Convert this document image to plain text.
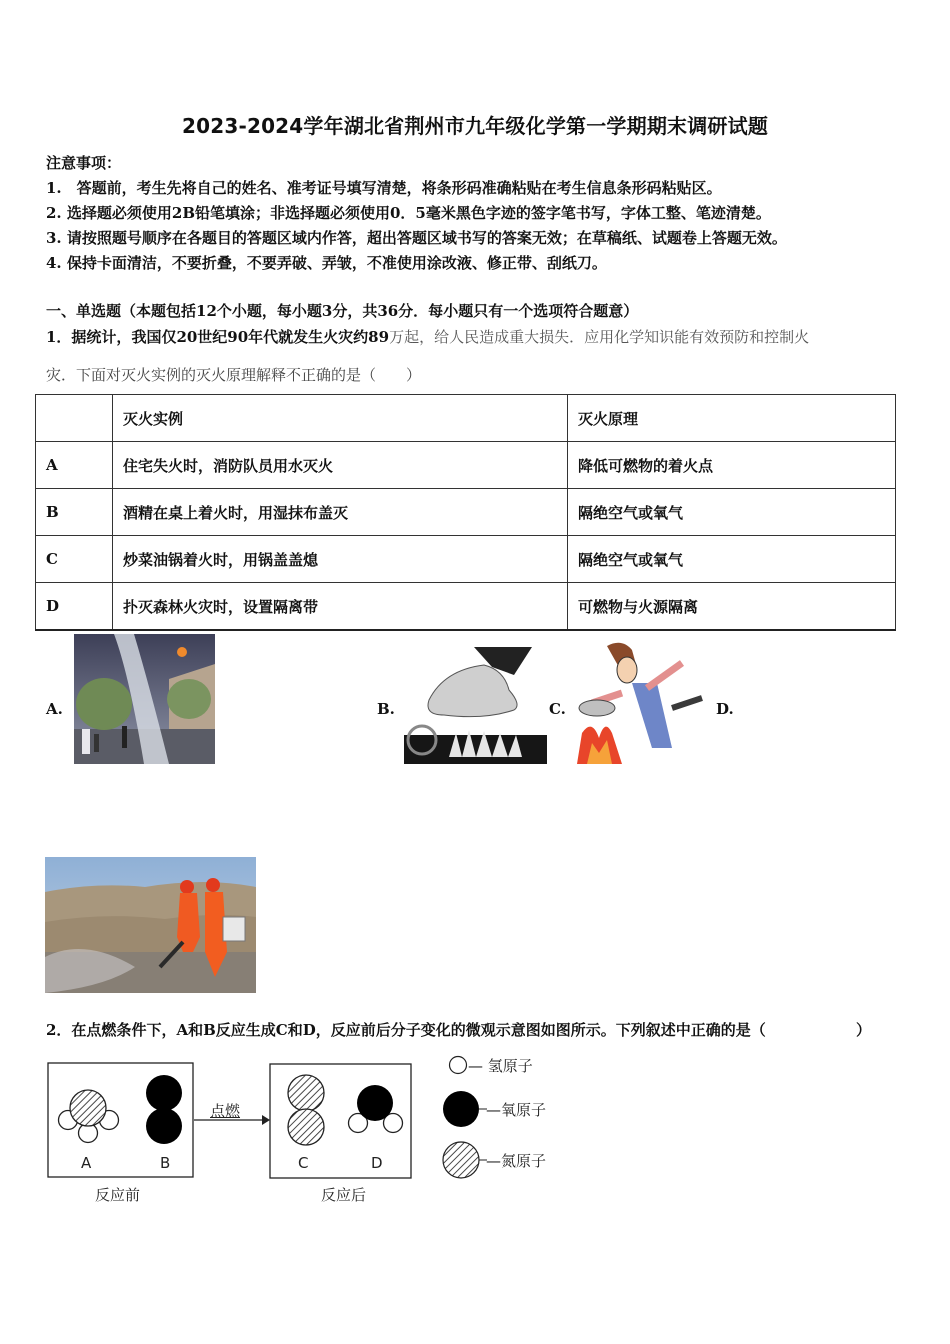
2023-2024学年湖北省荆州市九年级化学第一学期期末调研试题
注意事项：
1.　答题前，考生先将自己的姓名、准考证号填写清楚，将条形码准确粘贴在考生信息条形码粘贴区。
2. 选择题必须使用2B铅笔填涂；非选择题必须使用0．5毫米黑色字迹的签字笔书写，字体工整、笔迹清楚。
3. 请按照题号顺序在各题目的答题区域内作答，超出答题区域书写的答案无效；在草稿纸、试题卷上答题无效。
4. 保持卡面清洁，不要折叠，不要弄破、弄皱，不准使用涂改液、修正带、刮纸刀。
一、单选题（本题包括12个小题，每小题3分，共36分．每小题只有一个选项符合题意）
1．据统计，我国仅20世纪90年代就发生火灾约89万起，给人民造成重大损失．应用化学知识能有效预防和控制火
灾．下面对灭火实例的灭火原理解释不正确的是（　　）
	灭火实例	灭火原理
A	住宅失火时，消防队员用水灭火	降低可燃物的着火点
B	酒精在桌上着火时，用湿抹布盖灭	隔绝空气或氧气
C	炒菜油锅着火时，用锅盖盖熄	隔绝空气或氧气
D	扑灭森林火灾时，设置隔离带	可燃物与火源隔离
A.	B.	C.	D.
2．在点燃条件下，A和B反应生成C和D，反应前后分子变化的微观示意图如图所示。下列叙述中正确的是（	）
A	B	C	D
点燃
反应前	反应后
— 氢原子
—氧原子
—氮原子
